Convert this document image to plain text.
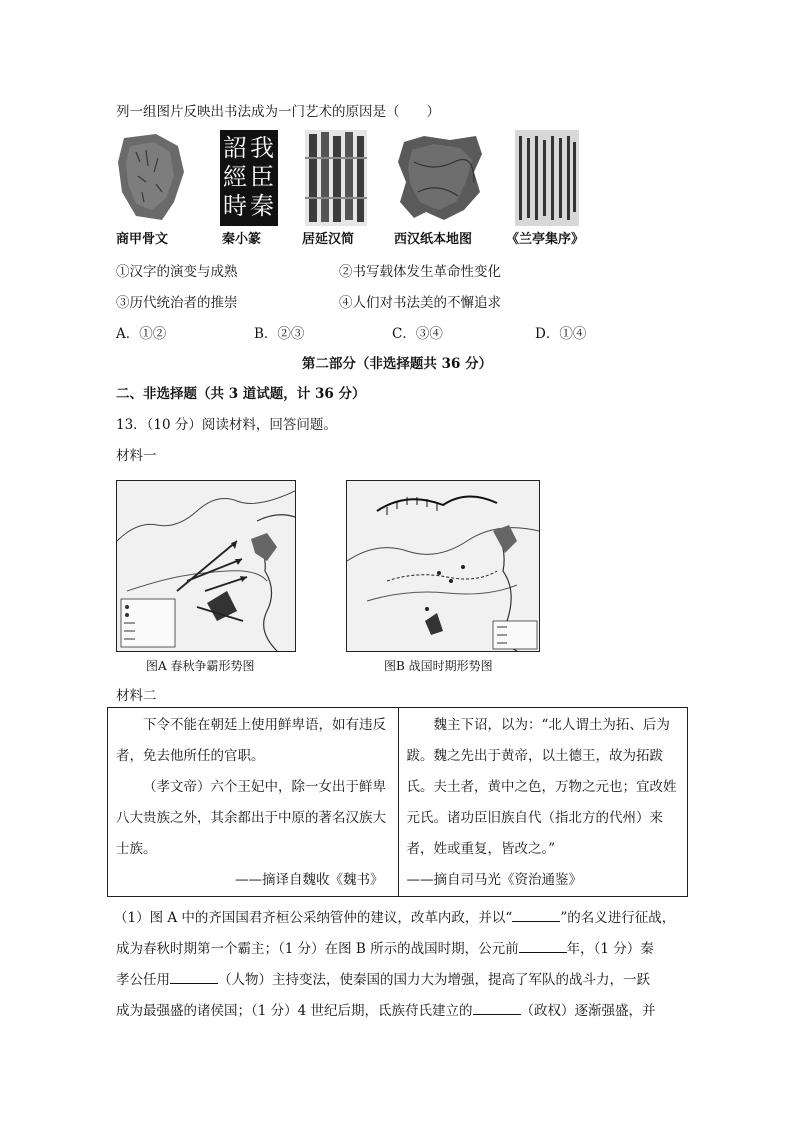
列一组图片反映出书法成为一门艺术的原因是（　　）
商甲骨文
我
臣
秦
詔
經
時
秦小篆	居延汉简	西汉纸本地图	《兰亭集序》
①汉字的演变与成熟	②书写载体发生革命性变化
③历代统治者的推崇	④人们对书法美的不懈追求
A．①②	B．②③	C．③④	D．①④
第二部分（非选择题共 36 分）
二、非选择题（共 3 道试题，计 36 分）
13．（10 分）阅读材料，回答问题。
材料一
图A 春秋争霸形势图	图B 战国时期形势图
材料二
下令不能在朝廷上使用鲜卑语，如有违反者，免去他所任的官职。
（孝文帝）六个王妃中，除一女出于鲜卑八大贵族之外，其余都出于中原的著名汉族大士族。
——摘译自魏收《魏书》

魏主下诏，以为：“北人谓土为拓、后为跋。魏之先出于黄帝，以土德王，故为拓跋氏。夫土者，黄中之色，万物之元也；宜改姓元氏。诸功臣旧族自代（指北方的代州）来者，姓或重复，皆改之。”
——摘自司马光《资治通鉴》
（1）图 A 中的齐国国君齐桓公采纳管仲的建议，改革内政，并以“	”的名义进行征战，
成为春秋时期第一个霸主；（1 分）在图 B 所示的战国时期，公元前	年，（1 分）秦
孝公任用	（人物）主持变法，使秦国的国力大为增强，提高了军队的战斗力，一跃
成为最强盛的诸侯国；（1 分）4 世纪后期，氐族苻氏建立的	（政权）逐渐强盛，并
